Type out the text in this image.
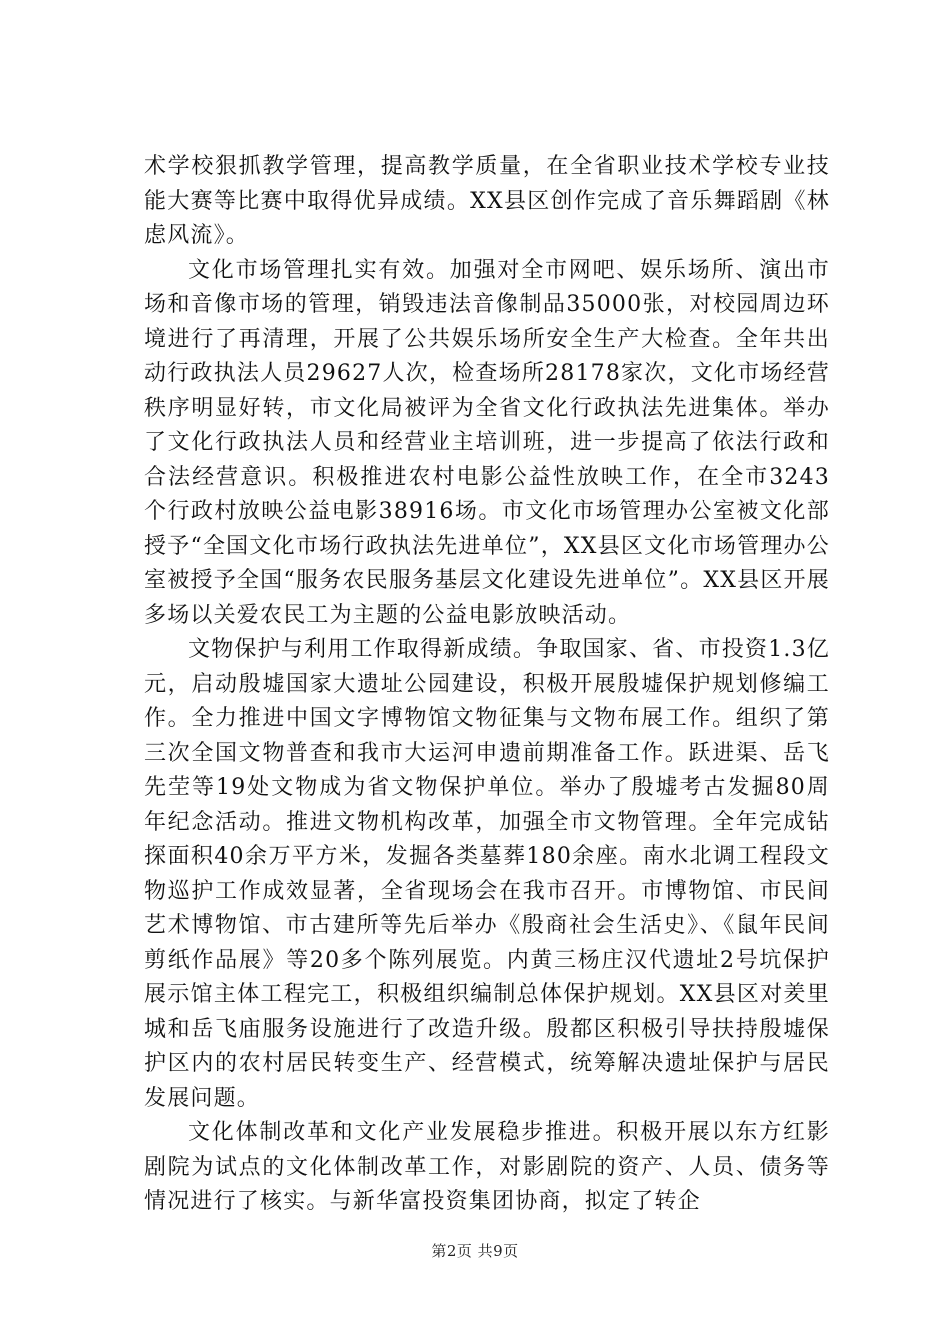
术学校狠抓教学管理，提高教学质量，在全省职业技术学校专业技能大赛等比赛中取得优异成绩。XX县区创作完成了音乐舞蹈剧《林虑风流》。

文化市场管理扎实有效。加强对全市网吧、娱乐场所、演出市场和音像市场的管理，销毁违法音像制品35000张，对校园周边环境进行了再清理，开展了公共娱乐场所安全生产大检查。全年共出动行政执法人员29627人次，检查场所28178家次，文化市场经营秩序明显好转，市文化局被评为全省文化行政执法先进集体。举办了文化行政执法人员和经营业主培训班，进一步提高了依法行政和合法经营意识。积极推进农村电影公益性放映工作，在全市3243个行政村放映公益电影38916场。市文化市场管理办公室被文化部授予“全国文化市场行政执法先进单位”，XX县区文化市场管理办公室被授予全国“服务农民服务基层文化建设先进单位”。XX县区开展多场以关爱农民工为主题的公益电影放映活动。

文物保护与利用工作取得新成绩。争取国家、省、市投资1.3亿元，启动殷墟国家大遗址公园建设，积极开展殷墟保护规划修编工作。全力推进中国文字博物馆文物征集与文物布展工作。组织了第三次全国文物普查和我市大运河申遗前期准备工作。跃进渠、岳飞先茔等19处文物成为省文物保护单位。举办了殷墟考古发掘80周年纪念活动。推进文物机构改革，加强全市文物管理。全年完成钻探面积40余万平方米，发掘各类墓葬180余座。南水北调工程段文物巡护工作成效显著，全省现场会在我市召开。市博物馆、市民间艺术博物馆、市古建所等先后举办《殷商社会生活史》、《鼠年民间剪纸作品展》等20多个陈列展览。内黄三杨庄汉代遗址2号坑保护展示馆主体工程完工，积极组织编制总体保护规划。XX县区对羑里城和岳飞庙服务设施进行了改造升级。殷都区积极引导扶持殷墟保护区内的农村居民转变生产、经营模式，统筹解决遗址保护与居民发展问题。

文化体制改革和文化产业发展稳步推进。积极开展以东方红影剧院为试点的文化体制改革工作，对影剧院的资产、人员、债务等情况进行了核实。与新华富投资集团协商，拟定了转企

第2页 共9页
